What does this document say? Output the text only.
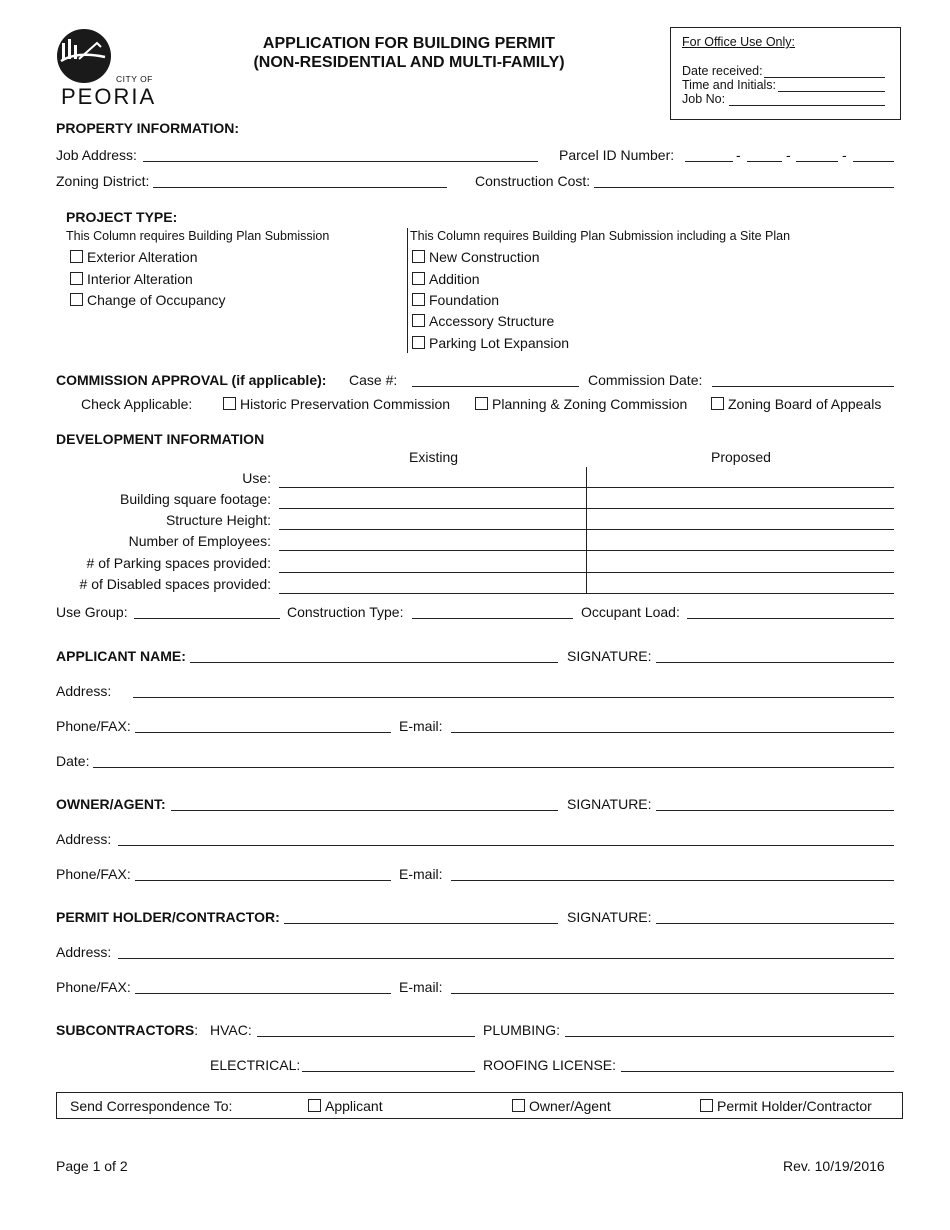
CITY OF
PEORIA
APPLICATION FOR BUILDING PERMIT
(NON-RESIDENTIAL AND MULTI-FAMILY)
For Office Use Only:
Date received:
Time and Initials:
Job No:
PROPERTY INFORMATION:
Job Address:	Parcel ID Number:	-	-	-
Zoning District:	Construction Cost:
PROJECT TYPE:
This Column requires Building Plan Submission
Exterior Alteration
Interior Alteration
Change of Occupancy
This Column requires Building Plan Submission including a Site Plan
New Construction
Addition
Foundation
Accessory Structure
Parking Lot Expansion
COMMISSION APPROVAL (if applicable): Case #:	Commission Date:
Check Applicable:	Historic Preservation Commission	Planning & Zoning Commission	Zoning Board of Appeals
DEVELOPMENT INFORMATION
Existing	Proposed
Use:
Building square footage:
Structure Height:
Number of Employees:
# of Parking spaces provided:
# of Disabled spaces provided:
Use Group:	Construction Type:	Occupant Load:
APPLICANT NAME:	SIGNATURE:
Address:
Phone/FAX:	E-mail:
Date:
OWNER/AGENT:	SIGNATURE:
Address:
Phone/FAX:	E-mail:
PERMIT HOLDER/CONTRACTOR:	SIGNATURE:
Address:
Phone/FAX:	E-mail:
SUBCONTRACTORS: HVAC:	PLUMBING:
ELECTRICAL:	ROOFING LICENSE:
Send Correspondence To:	Applicant	Owner/Agent	Permit Holder/Contractor
Page 1 of 2	Rev. 10/19/2016
